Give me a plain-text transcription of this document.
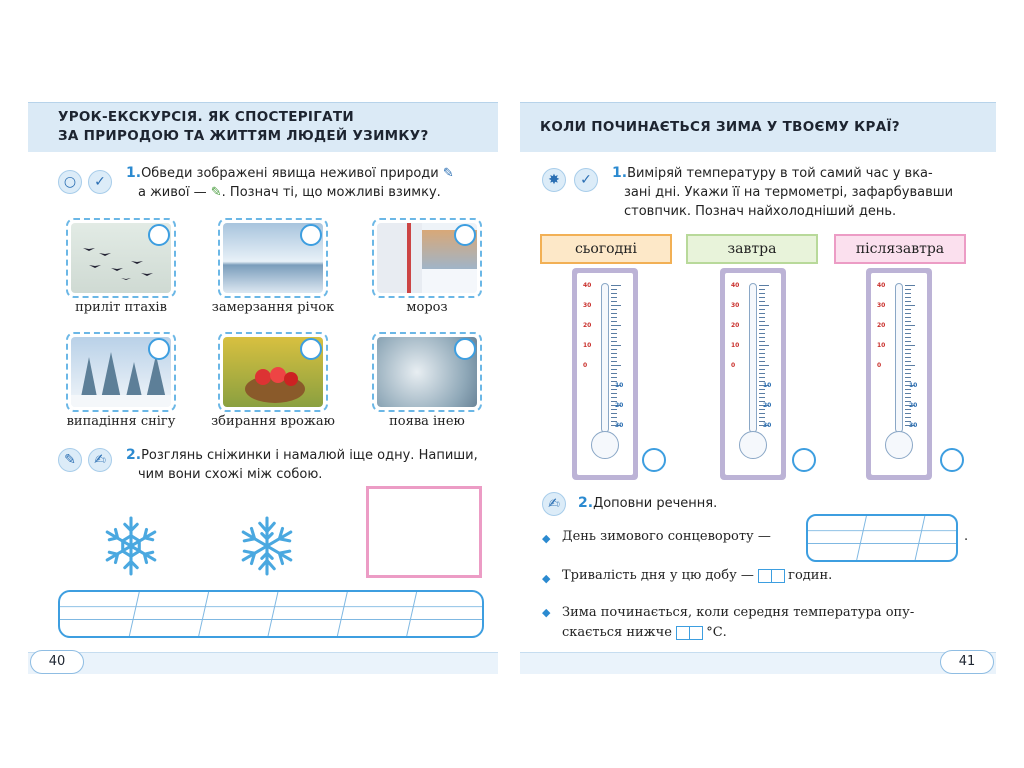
УРОК-ЕКСКУРСІЯ. ЯК СПОСТЕРІГАТИ
ЗА ПРИРОДОЮ ТА ЖИТТЯМ ЛЮДЕЙ УЗИМКУ?
КОЛИ ПОЧИНАЄТЬСЯ ЗИМА У ТВОЄМУ КРАЇ?
○	✓
1.Обведи зображені явища неживої природи ✎
а живої — ✎. Познач ті, що можливі взимку.
приліт птахів	замерзання річок	мороз
випадіння снігу	збирання врожаю	поява інею
✎	✍	2.Розглянь сніжинки і намалюй іще одну. Напиши,
чим вони схожі між собою.
✸	✓	1.Виміряй температуру в той самий час у вка-
зані дні. Укажи її на термометрі, зафарбувавши
стовпчик. Познач найхолодніший день.
сьогодні	завтра	післязавтра
40
30
20
10
0
10
20
30
40
30
20
10
0
10
20
30
40
30
20
10
0
10
20
30
✍	2.Доповни речення.
◆ День зимового сонцевороту —	.
◆ Тривалість дня у цю добу —	годин.
◆ Зима починається, коли середня температура опу-
скається нижче	°С.
40	41
